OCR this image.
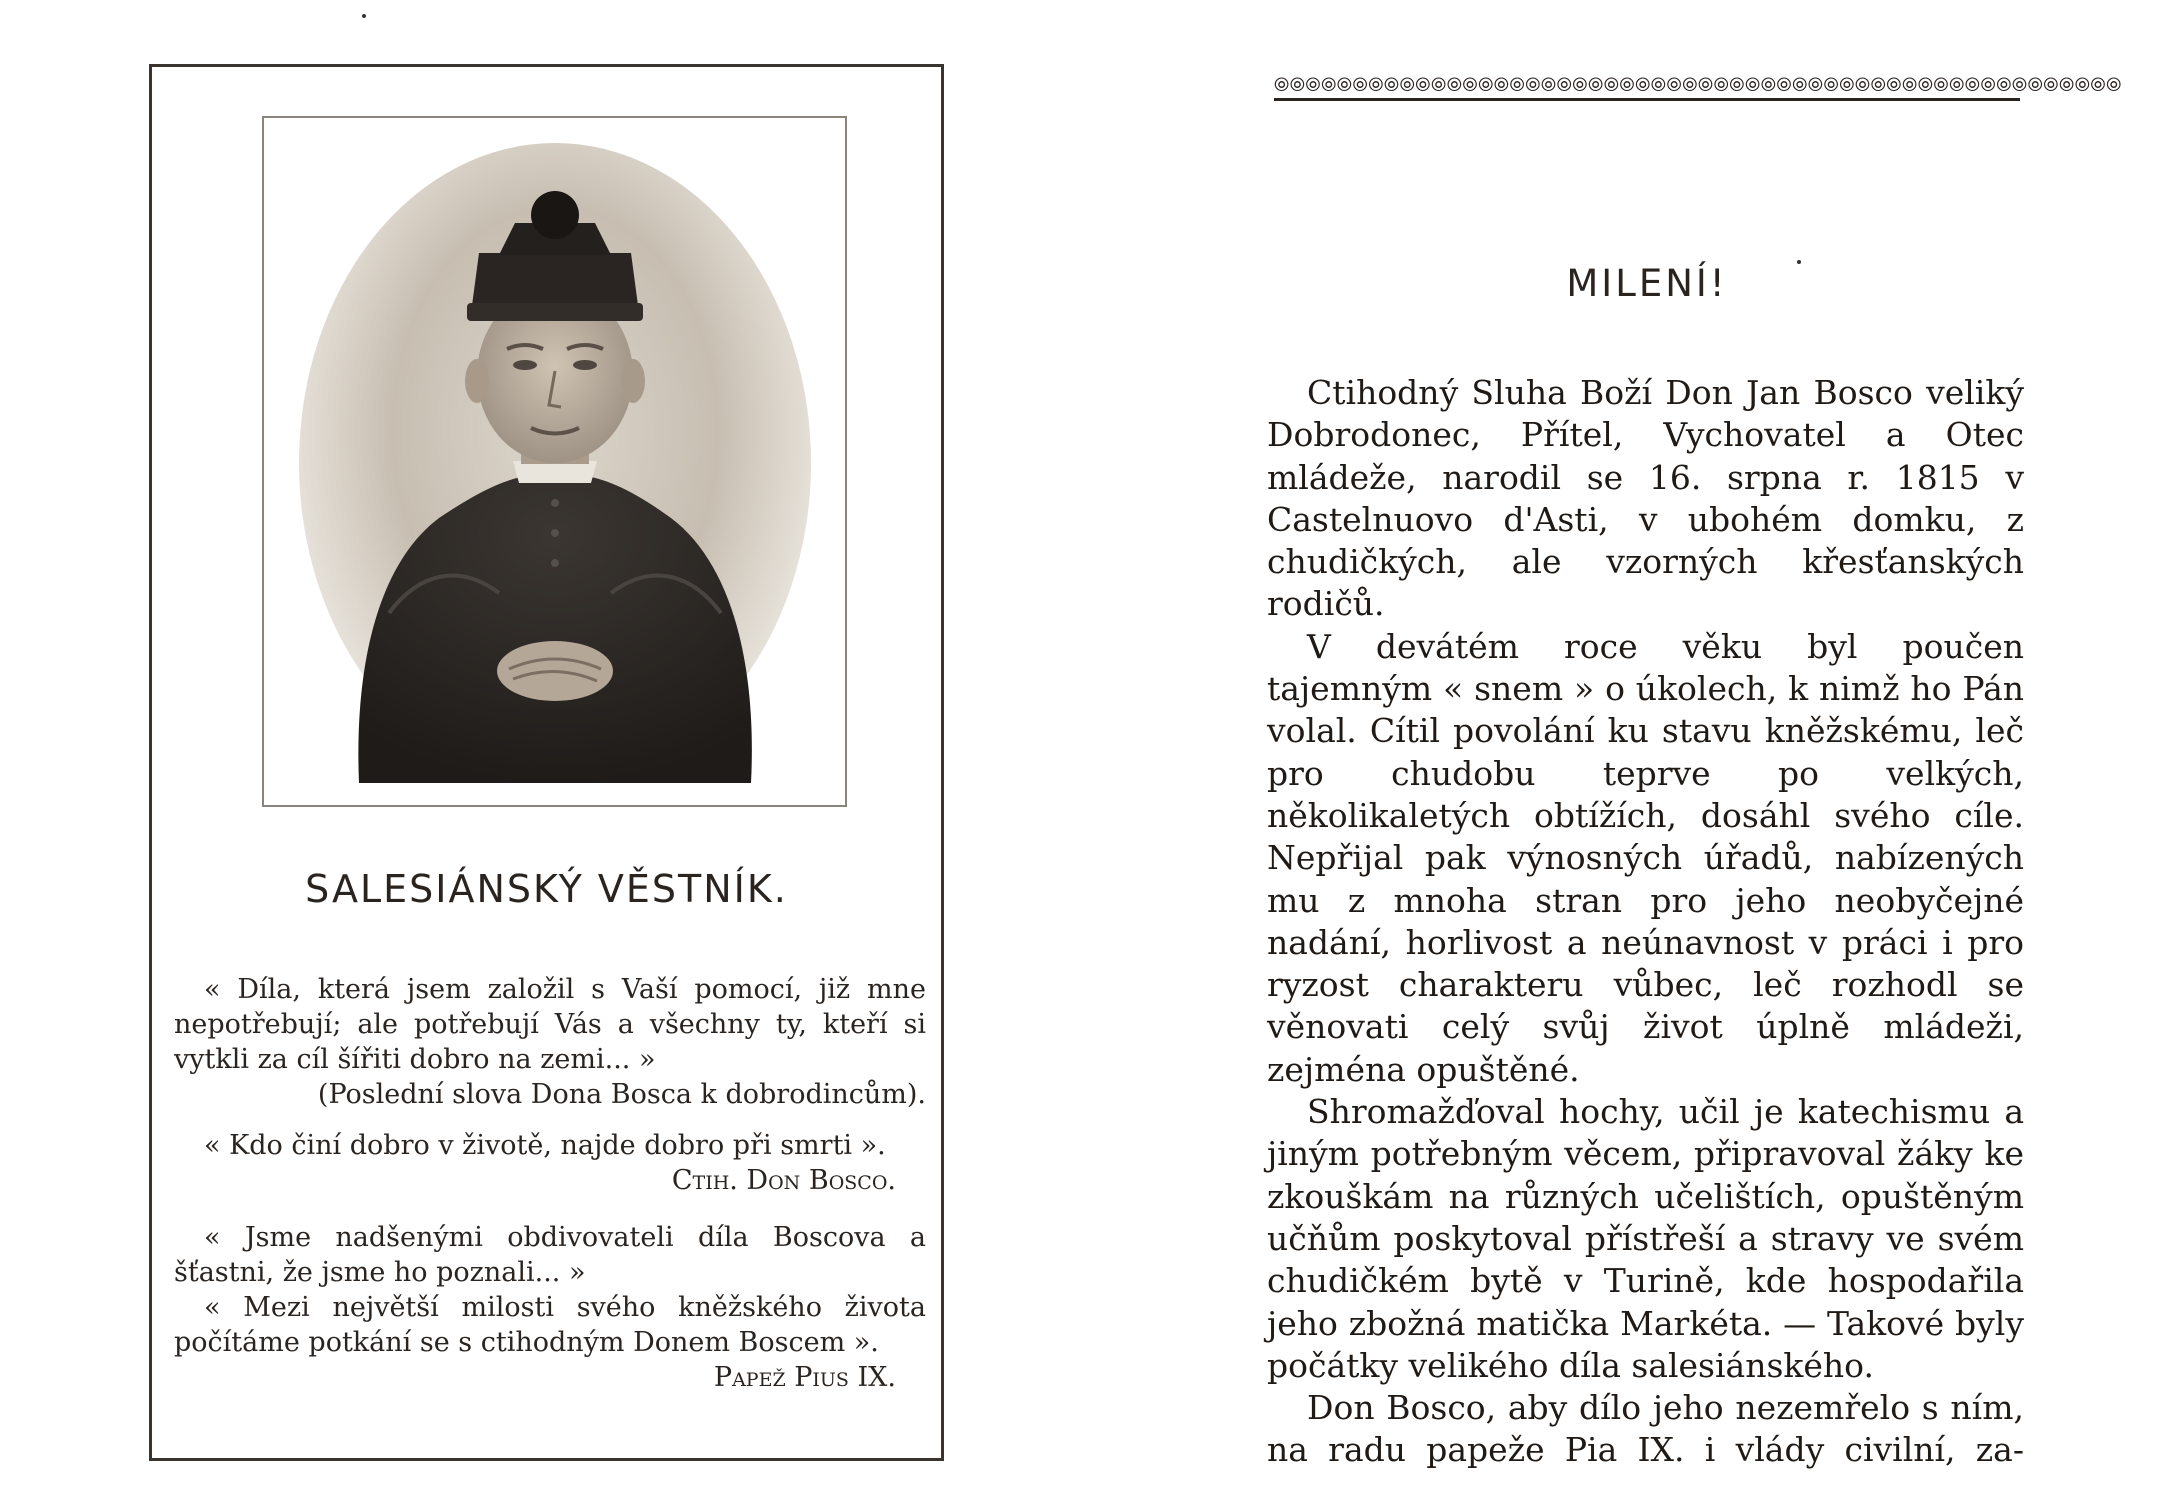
SALESIÁNSKÝ VĚSTNÍK.

« Díla, která jsem založil s Vaší pomocí, již mne nepotřebují; ale potřebují Vás a všechny ty, kteří si vytkli za cíl šířiti dobro na zemi... »

(Poslední slova Dona Bosca k dobrodincům).

« Kdo činí dobro v životě, najde dobro při smrti ».

Ctih. Don Bosco.

« Jsme nadšenými obdivovateli díla Boscova a šťastni, že jsme ho poznali... »

« Mezi největší milosti svého kněžského života počítáme potkání se s ctihodným Donem Boscem ».

Papež Pius IX.

⦾⦾⦾⦾⦾⦾⦾⦾⦾⦾⦾⦾⦾⦾⦾⦾⦾⦾⦾⦾⦾⦾⦾⦾⦾⦾⦾⦾⦾⦾⦾⦾⦾⦾⦾⦾⦾⦾⦾⦾⦾⦾⦾⦾⦾⦾⦾⦾⦾⦾⦾⦾⦾⦾
MILENÍ!

Ctihodný Sluha Boží Don Jan Bosco veliký Dobrodonec, Přítel, Vychovatel a Otec mládeže, narodil se 16. srpna r. 1815 v Castelnuovo d'Asti, v ubohém domku, z chudičkých, ale vzorných křesťanských rodičů.

V devátém roce věku byl poučen tajemným « snem » o úkolech, k nimž ho Pán volal. Cítil povolání ku stavu kněžskému, leč pro chudobu teprve po velkých, několikaletých obtížích, dosáhl svého cíle. Nepřijal pak výnosných úřadů, nabízených mu z mnoha stran pro jeho neobyčejné nadání, horlivost a neúnavnost v práci i pro ryzost charakteru vůbec, leč rozhodl se věnovati celý svůj život úplně mládeži, zejména opuštěné.

Shromažďoval hochy, učil je katechismu a jiným potřebným věcem, připravoval žáky ke zkouškám na různých učelištích, opuštěným učňům poskytoval přístřeší a stravy ve svém chudičkém bytě v Turině, kde hospodařila jeho zbožná matička Markéta. — Takové byly počátky velikého díla salesiánského.

Don Bosco, aby dílo jeho nezemřelo s ním, na radu papeže Pia IX. i vlády civilní, za-
